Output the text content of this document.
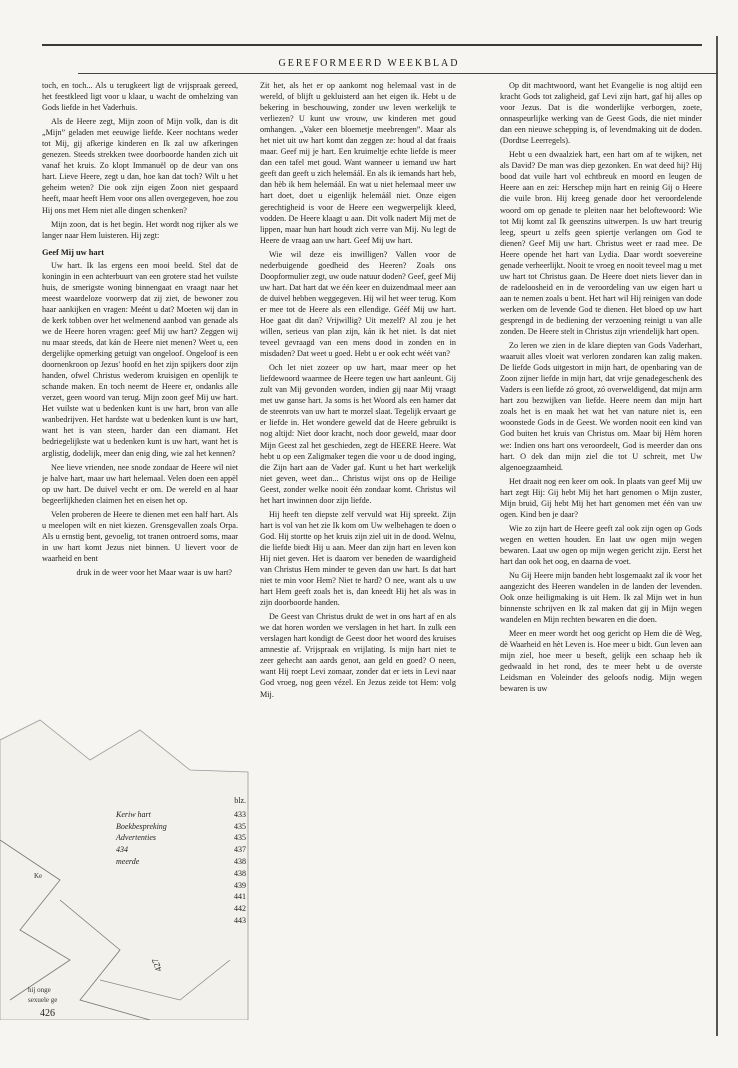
GEREFORMEERD WEEKBLAD

toch, en toch... Als u terugkeert ligt de vrijspraak gereed, het feestkleed ligt voor u klaar, u wacht de omhelzing van Gods liefde in het Vaderhuis.

Als de Heere zegt, Mijn zoon of Mijn volk, dan is dit „Mijn” geladen met eeuwige liefde. Keer nochtans weder tot Mij, gij afkerige kinderen en Ik zal uw afkeringen genezen. Steeds strekken twee doorboorde handen zich uit vanaf het kruis. Zo klopt Immanuël op de deur van ons hart. Lieve Heere, zegt u dan, hoe kan dat toch? Wilt u het geheim weten? Die ook zijn eigen Zoon niet gespaard heeft, maar heeft Hem voor ons allen overgegeven, hoe zou Hij ons met Hem niet alle dingen schenken?

Mijn zoon, dat is het begin. Het wordt nog rijker als we langer naar Hem luisteren. Hij zegt:

Geef Mij uw hart

Uw hart. Ik las ergens een mooi beeld. Stel dat de koningin in een achterbuurt van een grotere stad het vuilste huis, de smerigste woning binnengaat en vraagt naar het meest waardeloze voorwerp dat zij ziet, de bewoner zou haar aankijken en vragen: Meént u dat? Moeten wij dan in de kerk tobben over het welmenend aanbod van genade als we de Heere horen vragen: geef Mij uw hart? Zeggen wij nu maar steeds, dat kán de Heere niet menen? Weet u, een dergelijke opmerking getuigt van ongeloof. Ongeloof is een doornenkroon op Jezus' hoofd en het zijn spijkers door zijn handen, ofwel Christus wederom kruisigen en openlijk te schande maken. En toch neemt de Heere er, ondanks alle verzet, geen woord van terug. Mijn zoon geef Mij uw hart. Het vuilste wat u bedenken kunt is uw hart, bron van alle wanbedrijven. Het hardste wat u bedenken kunt is uw hart, want het is van steen, harder dan een diamant. Het bedriegelijkste wat u bedenken kunt is uw hart, want het is arglistig, dodelijk, meer dan enig ding, wie zal het kennen?

Nee lieve vrienden, nee snode zondaar de Heere wil niet je halve hart, maar uw hart helemaal. Velen doen een appèl op uw hart. De duivel vecht er om. De wereld en al haar begeerlijkheden claimen het en eisen het op.

Velen proberen de Heere te dienen met een half hart. Als u meelopen wilt en niet kiezen. Grensgevallen zoals Orpa. Als u ernstig bent, gevoelig, tot tranen ontroerd soms, maar in uw hart komt Jezus niet binnen. U lievert voor de waarheid en bent

druk in de weer voor het Maar waar is uw hart?
blz.
Keriw hart	433
Boekbespreking	435
Advertenties	435
434	437
meerde	438
438
439
441
442
443
Ke
hij onge
sexuele ge
427

Zit het, als het er op aankomt nog helemaal vast in de wereld, of blijft u gekluisterd aan het eigen ik. Hebt u de bekering in beschouwing, zonder uw leven werkelijk te verliezen? U kunt uw vrouw, uw kinderen met goud omhangen. „Vaker een bloemetje meebrengen”. Maar als het niet uit uw hart komt dan zeggen ze: houd al dat fraais maar. Geef mij je hart. Een kruimeltje echte liefde is meer dan een tafel met goud. Want wanneer u iemand uw hart geeft dan geeft u zich helemáál. En als ik iemands hart heb, dan hèb ik hem helemáál. En wat u niet helemaal meer uw hart doet, doet u eigenlijk helemáál niet. Onze eigen gerechtigheid is voor de Heere een wegwerpelijk kleed, vodden. De Heere klaagt u aan. Dit volk nadert Mij met de lippen, maar hun hart houdt zich verre van Mij. Nu legt de Heere de vraag aan uw hart. Geef Mij uw hart.

Wie wil deze eis inwilligen? Vallen voor de nederbuigende goedheid des Heeren? Zoals ons Doopformulier zegt, uw oude natuur doden? Geef, geef Mij uw hart. Dat hart dat we één keer en duizendmaal meer aan de duivel hebben weggegeven. Hij wil het weer terug. Kom er mee tot de Heere als een ellendige. Gééf Mij uw hart. Hoe gaat dit dan? Vrijwillig? Uit mezelf? Al zou je het willen, serieus van plan zijn, kán ik het niet. Is dat niet teveel gevraagd van een mens dood in zonden en in misdaden? Dat weet u goed. Hebt u er ook echt wéét van?

Och let niet zozeer op uw hart, maar meer op het liefdewoord waarmee de Heere tegen uw hart aanleunt. Gij zult van Mij gevonden worden, indien gij naar Mij vraagt met uw ganse hart. Ja soms is het Woord als een hamer dat de steenrots van uw hart te morzel slaat. Tegelijk ervaart ge er liefde in. Het wondere geweld dat de Heere gebruikt is nog altijd: Niet door kracht, noch door geweld, maar door Mijn Geest zal het geschieden, zegt de HEERE Heere. Wat hebt u op een Zaligmaker tegen die voor u de dood inging, die Zijn hart aan de Vader gaf. Kunt u het hart werkelijk niet geven, weet dan... Christus wijst ons op de Heilige Geest, zonder welke nooit één zondaar komt. Christus wil het hart inwinnen door zijn liefde.

Hij heeft ten diepste zelf vervuld wat Hij spreekt. Zijn hart is vol van het zie Ik kom om Uw welbehagen te doen o God. Hij stortte op het kruis zijn ziel uit in de dood. Welnu, die liefde biedt Hij u aan. Meer dan zijn hart en leven kon Hij niet geven. Het is daarom ver beneden de waardigheid van Christus Hem minder te geven dan uw hart. Is dat hart niet te min voor Hem? Niet te hard? O nee, want als u uw hart Hem geeft zoals het is, dan kneedt Hij het als was in zijn doorboorde handen.

De Geest van Christus drukt de wet in ons hart af en als we dat horen worden we verslagen in het hart. In zulk een verslagen hart kondigt de Geest door het woord des kruises amnestie af. Vrijspraak en vrijlating. Is mijn hart niet te zeer gehecht aan aards genot, aan geld en goed? O neen, want Hij roept Levi zomaar, zonder dat er iets in Levi naar God vroeg, nog geen vézel. En Jezus zeide tot Hem: volg Mij.

Op dit machtwoord, want het Evangelie is nog altijd een kracht Gods tot zaligheid, gaf Levi zijn hart, gaf hij alles op voor Jezus. Dat is die wonderlijke verborgen, zoete, onnaspeurlijke werking van de Geest Gods, die niet minder dan een nieuwe schepping is, of levendmaking uit de doden. (Dordtse Leerregels).

Hebt u een dwaalziek hart, een hart om af te wijken, net als David? De man was diep gezonken. En wat deed hij? Hij bood dat vuile hart vol echtbreuk en moord en leugen de Heere aan en zei: Herschep mijn hart en reinig Gij o Heere die vuile bron. Hij kreeg genade door het veroordelende woord om op genade te pleiten naar het beloftewoord: Wie tot Mij komt zal Ik geenszins uitwerpen. Is uw hart treurig leeg, speurt u zelfs geen spiertje verlangen om God te dienen? Geef Mij uw hart. Christus weet er raad mee. De Heere opende het hart van Lydia. Daar wordt soevereine genade verheerlijkt. Nooit te vroeg en nooit teveel mag u met uw hart tot Christus gaan. De Heere doet niets liever dan in de radeloosheid en in de veroordeling van uw eigen hart u aan te nemen zoals u bent. Het hart wil Hij reinigen van dode werken om de levende God te dienen. Het bloed op uw hart gesprengd in de bediening der verzoening reinigt u van alle zonden. De Heere stelt in Christus zijn vriendelijk hart open.

Zo leren we zien in de klare diepten van Gods Vaderhart, waaruit alles vloeit wat verloren zondaren kan zalig maken. De liefde Gods uitgestort in mijn hart, de openbaring van de Zoon zijner liefde in mijn hart, dat vrije genadegeschenk des Vaders is een liefde zó groot, zó overweldigend, dat mijn arm hart zou bezwijken van liefde. Heere neem dan mijn hart zoals het is en maak het wat het van nature niet is, een woonstede Gods in de Geest. We worden nooit een kind van God buiten het kruis van Christus om. Maar bij Hèm horen we: Indien ons hart ons veroordeelt, God is meerder dan ons hart. O dek dan mijn ziel die tot U schreit, met Uw algenoegzaamheid.

Het draait nog een keer om ook. In plaats van geef Mij uw hart zegt Hij: Gij hebt Mij het hart genomen o Mijn zuster, Mijn bruid, Gij hebt Mij het hart genomen met één van uw ogen. Kind ben je daar?

Wie zo zijn hart de Heere geeft zal ook zijn ogen op Gods wegen en wetten houden. En laat uw ogen mijn wegen bewaren. Laat uw ogen op mijn wegen gericht zijn. Eerst het hart dan ook het oog, en daarna de voet.

Nu Gij Heere mijn banden hebt losgemaakt zal ik voor het aangezicht des Heeren wandelen in de landen der levenden. Ook onze heiligmaking is uit Hem. Ik zal Mijn wet in hun binnenste schrijven en Ik zal maken dat gij in Mijn wegen wandelen en Mijn rechten bewaren en die doen.

Meer en meer wordt het oog gericht op Hem die dè Weg, dè Waarheid en hèt Leven is. Hoe meer u bidt. Gun leven aan mijn ziel, hoe meer u beseft, gelijk een schaap heb ik gedwaald in het rond, des te meer hebt u de overste Leidsman en Voleinder des geloofs nodig. Mijn wegen bewaren is uw

426
